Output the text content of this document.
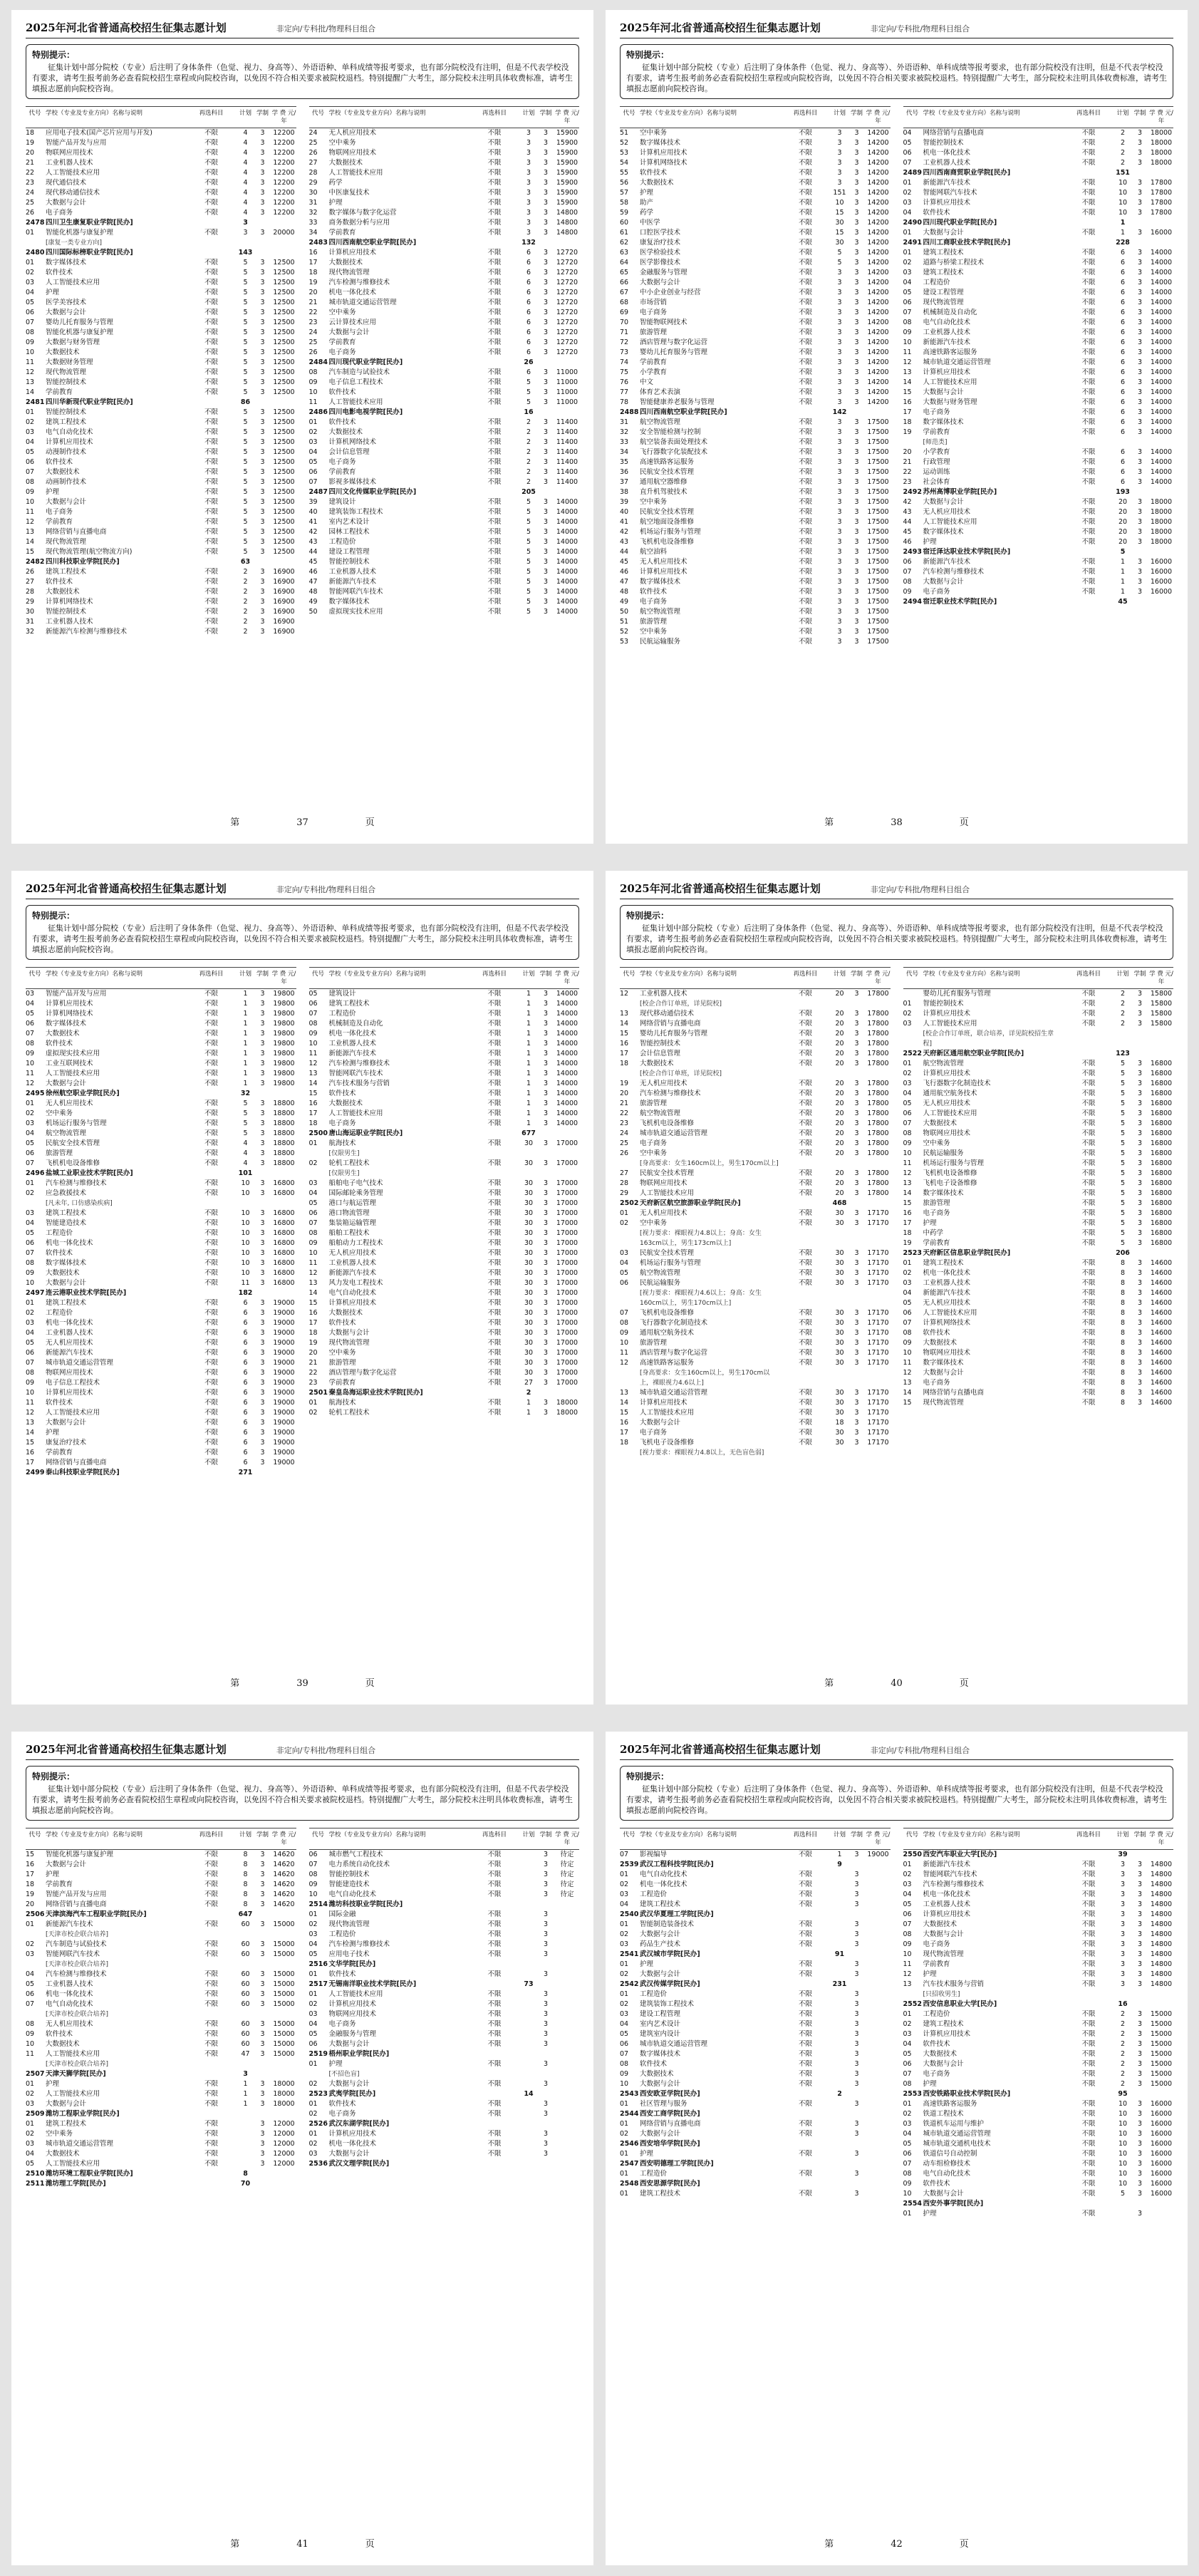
2025年河北省普通高校招生征集志愿计划	非定向/专科批/物理科目组合
特别提示：
征集计划中部分院校（专业）后注明了身体条件（色觉、视力、身高等）、外语语种、单科成绩等报考要求，也有部分院校没有注明，但是不代表学校没有要求，请考生报考前务必查看院校招生章程或向院校咨询，以免因不符合相关要求被院校退档。特别提醒广大考生，部分院校未注明具体收费标准，请考生填报志愿前向院校咨询。
代号 学校（专业及专业方向）名称与说明	再选科目	计划 学制 学 费 元/年
18	应用电子技术(国产芯片应用与开发)	不限	4	3	12200
19	智能产品开发与应用	不限	4	3	12200
20	物联网应用技术	不限	4	3	12200
21	工业机器人技术	不限	4	3	12200
22	人工智能技术应用	不限	4	3	12200
23	现代通信技术	不限	4	3	12200
24	现代移动通信技术	不限	4	3	12200
25	大数据与会计	不限	4	3	12200
26	电子商务	不限	4	3	12200
2478 四川卫生康复职业学院[民办]	3
01	智能化机器与康复护理	不限	3	3	20000
[康复一类专业方向]
2480 四川国际标榜职业学院[民办]	143
01	数字媒体技术	不限	5	3	12500
02	软件技术	不限	5	3	12500
03	人工智能技术应用	不限	5	3	12500
04	护理	不限	5	3	12500
05	医学美容技术	不限	5	3	12500
06	大数据与会计	不限	5	3	12500
07	婴幼儿托育服务与管理	不限	5	3	12500
08	智能化机器与康复护理	不限	5	3	12500
09	大数据与财务管理	不限	5	3	12500
10	大数据技术	不限	5	3	12500
11	大数据财务管理	不限	5	3	12500
12	现代物流管理	不限	5	3	12500
13	智能控制技术	不限	5	3	12500
14	学前教育	不限	5	3	12500
2481 四川华新现代职业学院[民办]	86
01	智能控制技术	不限	5	3	12500
02	建筑工程技术	不限	5	3	12500
03	电气自动化技术	不限	5	3	12500
04	计算机应用技术	不限	5	3	12500
05	动漫制作技术	不限	5	3	12500
06	软件技术	不限	5	3	12500
07	大数据技术	不限	5	3	12500
08	动画制作技术	不限	5	3	12500
09	护理	不限	5	3	12500
10	大数据与会计	不限	5	3	12500
11	电子商务	不限	5	3	12500
12	学前教育	不限	5	3	12500
13	网络营销与直播电商	不限	5	3	12500
14	现代物流管理	不限	5	3	12500
15	现代物流管理(航空物流方向)	不限	5	3	12500
2482 四川科技职业学院[民办]	63
26	建筑工程技术	不限	2	3	16900
27	软件技术	不限	2	3	16900
28	大数据技术	不限	2	3	16900
29	计算机网络技术	不限	2	3	16900
30	智能控制技术	不限	2	3	16900
31	工业机器人技术	不限	2	3	16900
32	新能源汽车检测与维修技术	不限	2	3	16900
代号 学校（专业及专业方向）名称与说明	再选科目	计划 学制 学 费 元/年
24	无人机应用技术	不限	3	3	15900
25	空中乘务	不限	3	3	15900
26	物联网应用技术	不限	3	3	15900
27	大数据技术	不限	3	3	15900
28	人工智能技术应用	不限	3	3	15900
29	药学	不限	3	3	15900
30	中医康复技术	不限	3	3	15900
31	护理	不限	3	3	15900
32	数字媒体与数字化运营	不限	3	3	14800
33	商务数据分析与应用	不限	3	3	14800
34	学前教育	不限	3	3	14800
2483 四川西南航空职业学院[民办]	132
16	计算机应用技术	不限	6	3	12720
17	大数据技术	不限	6	3	12720
18	现代物流管理	不限	6	3	12720
19	汽车检测与维修技术	不限	6	3	12720
20	机电一体化技术	不限	6	3	12720
21	城市轨道交通运营管理	不限	6	3	12720
22	空中乘务	不限	6	3	12720
23	云计算技术应用	不限	6	3	12720
24	大数据与会计	不限	6	3	12720
25	学前教育	不限	6	3	12720
26	电子商务	不限	6	3	12720
2484 四川现代职业学院[民办]	26
08	汽车制造与试验技术	不限	6	3	11000
09	电子信息工程技术	不限	5	3	11000
10	软件技术	不限	5	3	11000
11	人工智能技术应用	不限	5	3	11000
2486 四川电影电视学院[民办]	16
01	软件技术	不限	2	3	11400
02	大数据技术	不限	2	3	11400
03	计算机网络技术	不限	2	3	11400
04	会计信息管理	不限	2	3	11400
05	电子商务	不限	2	3	11400
06	学前教育	不限	2	3	11400
07	影视多媒体技术	不限	2	3	11400
2487 四川文化传媒职业学院[民办]	205
39	建筑设计	不限	5	3	14000
40	建筑装饰工程技术	不限	5	3	14000
41	室内艺术设计	不限	5	3	14000
42	园林工程技术	不限	5	3	14000
43	工程造价	不限	5	3	14000
44	建设工程管理	不限	5	3	14000
45	智能控制技术	不限	5	3	14000
46	工业机器人技术	不限	5	3	14000
47	新能源汽车技术	不限	5	3	14000
48	智能网联汽车技术	不限	5	3	14000
49	数字媒体技术	不限	5	3	14000
50	虚拟现实技术应用	不限	5	3	14000
第	37	页
2025年河北省普通高校招生征集志愿计划	非定向/专科批/物理科目组合
特别提示：
征集计划中部分院校（专业）后注明了身体条件（色觉、视力、身高等）、外语语种、单科成绩等报考要求，也有部分院校没有注明，但是不代表学校没有要求，请考生报考前务必查看院校招生章程或向院校咨询，以免因不符合相关要求被院校退档。特别提醒广大考生，部分院校未注明具体收费标准，请考生填报志愿前向院校咨询。
代号 学校（专业及专业方向）名称与说明	再选科目	计划 学制 学 费 元/年
51	空中乘务	不限	3	3	14200
52	数字媒体技术	不限	3	3	14200
53	计算机应用技术	不限	3	3	14200
54	计算机网络技术	不限	3	3	14200
55	软件技术	不限	3	3	14200
56	大数据技术	不限	3	3	14200
57	护理	不限	151	3	14200
58	助产	不限	10	3	14200
59	药学	不限	15	3	14200
60	中医学	不限	30	3	14200
61	口腔医学技术	不限	15	3	14200
62	康复治疗技术	不限	30	3	14200
63	医学检验技术	不限	5	3	14200
64	医学影像技术	不限	5	3	14200
65	金融服务与管理	不限	3	3	14200
66	大数据与会计	不限	3	3	14200
67	中小企业创业与经营	不限	3	3	14200
68	市场营销	不限	3	3	14200
69	电子商务	不限	3	3	14200
70	智能物联网技术	不限	3	3	14200
71	旅游管理	不限	3	3	14200
72	酒店管理与数字化运营	不限	3	3	14200
73	婴幼儿托育服务与管理	不限	3	3	14200
74	学前教育	不限	3	3	14200
75	小学教育	不限	3	3	14200
76	中文	不限	3	3	14200
77	体育艺术表演	不限	3	3	14200
78	智能健康养老服务与管理	不限	3	3	14200
2488 四川西南航空职业学院[民办]	142
31	航空物流管理	不限	3	3	17500
32	安全智能检测与控制	不限	3	3	17500
33	航空装备表面处理技术	不限	3	3	17500
34	飞行器数字化装配技术	不限	3	3	17500
35	高速铁路客运服务	不限	3	3	17500
36	民航安全技术管理	不限	3	3	17500
37	通用航空器维修	不限	3	3	17500
38	直升机驾驶技术	不限	3	3	17500
39	空中乘务	不限	3	3	17500
40	民航安全技术管理	不限	3	3	17500
41	航空地面设备维修	不限	3	3	17500
42	机场运行服务与管理	不限	3	3	17500
43	飞机机电设备维修	不限	3	3	17500
44	航空油料	不限	3	3	17500
45	无人机应用技术	不限	3	3	17500
46	计算机应用技术	不限	3	3	17500
47	数字媒体技术	不限	3	3	17500
48	软件技术	不限	3	3	17500
49	电子商务	不限	3	3	17500
50	航空物流管理	不限	3	3	17500
51	旅游管理	不限	3	3	17500
52	空中乘务	不限	3	3	17500
53	民航运输服务	不限	3	3	17500
代号 学校（专业及专业方向）名称与说明	再选科目	计划 学制 学 费 元/年
04	网络营销与直播电商	不限	2	3	18000
05	智能控制技术	不限	2	3	18000
06	机电一体化技术	不限	2	3	18000
07	工业机器人技术	不限	2	3	18000
2489 四川西南商贸职业学院[民办]	151
01	新能源汽车技术	不限	10	3	17800
02	智能网联汽车技术	不限	10	3	17800
03	计算机应用技术	不限	10	3	17800
04	软件技术	不限	10	3	17800
2490 四川现代职业学院[民办]	1
01	大数据与会计	不限	1	3	16000
2491 四川工商职业技术学院[民办]	228
01	建筑工程技术	不限	6	3	14000
02	道路与桥梁工程技术	不限	6	3	14000
03	建筑工程技术	不限	6	3	14000
04	工程造价	不限	6	3	14000
05	建设工程管理	不限	6	3	14000
06	现代物流管理	不限	6	3	14000
07	机械制造及自动化	不限	6	3	14000
08	电气自动化技术	不限	6	3	14000
09	工业机器人技术	不限	6	3	14000
10	新能源汽车技术	不限	6	3	14000
11	高速铁路客运服务	不限	6	3	14000
12	城市轨道交通运营管理	不限	6	3	14000
13	计算机应用技术	不限	6	3	14000
14	人工智能技术应用	不限	6	3	14000
15	大数据与会计	不限	6	3	14000
16	大数据与财务管理	不限	6	3	14000
17	电子商务	不限	6	3	14000
18	数字媒体技术	不限	6	3	14000
19	学前教育	不限	6	3	14000
[师范类]
20	小学教育	不限	6	3	14000
21	行政管理	不限	6	3	14000
22	运动训练	不限	6	3	14000
23	社会体育	不限	6	3	14000
2492 苏州高博职业学院[民办]	193
42	大数据与会计	不限	20	3	18000
43	无人机应用技术	不限	20	3	18000
44	人工智能技术应用	不限	20	3	18000
45	数字媒体技术	不限	20	3	18000
46	护理	不限	20	3	18000
2493 宿迁泽达职业技术学院[民办]	5
06	新能源汽车技术	不限	1	3	16000
07	汽车检测与维修技术	不限	1	3	16000
08	大数据与会计	不限	1	3	16000
09	电子商务	不限	1	3	16000
2494 宿迁职业技术学院[民办]	45
第	38	页
2025年河北省普通高校招生征集志愿计划	非定向/专科批/物理科目组合
特别提示：
征集计划中部分院校（专业）后注明了身体条件（色觉、视力、身高等）、外语语种、单科成绩等报考要求，也有部分院校没有注明，但是不代表学校没有要求，请考生报考前务必查看院校招生章程或向院校咨询，以免因不符合相关要求被院校退档。特别提醒广大考生，部分院校未注明具体收费标准，请考生填报志愿前向院校咨询。
代号 学校（专业及专业方向）名称与说明	再选科目	计划 学制 学 费 元/年
03	智能产品开发与应用	不限	1	3	19800
04	计算机应用技术	不限	1	3	19800
05	计算机网络技术	不限	1	3	19800
06	数字媒体技术	不限	1	3	19800
07	大数据技术	不限	1	3	19800
08	软件技术	不限	1	3	19800
09	虚拟现实技术应用	不限	1	3	19800
10	工业互联网技术	不限	1	3	19800
11	人工智能技术应用	不限	1	3	19800
12	大数据与会计	不限	1	3	19800
2495 徐州航空职业学院[民办]	32
01	无人机应用技术	不限	5	3	18800
02	空中乘务	不限	5	3	18800
03	机场运行服务与管理	不限	5	3	18800
04	航空物流管理	不限	5	3	18800
05	民航安全技术管理	不限	4	3	18800
06	旅游管理	不限	4	3	18800
07	飞机机电设备维修	不限	4	3	18800
2496 盐城工业职业技术学院[民办]	101
01	汽车检测与维修技术	不限	10	3	16800
02	应急救援技术	不限	10	3	16800
[凡未年, 口仿感染疾病]
03	建筑工程技术	不限	10	3	16800
04	智能建造技术	不限	10	3	16800
05	工程造价	不限	10	3	16800
06	机电一体化技术	不限	10	3	16800
07	软件技术	不限	10	3	16800
08	数字媒体技术	不限	10	3	16800
09	大数据技术	不限	10	3	16800
10	大数据与会计	不限	11	3	16800
2497 连云港职业技术学院[民办]	182
01	建筑工程技术	不限	6	3	19000
02	工程造价	不限	6	3	19000
03	机电一体化技术	不限	6	3	19000
04	工业机器人技术	不限	6	3	19000
05	无人机应用技术	不限	6	3	19000
06	新能源汽车技术	不限	6	3	19000
07	城市轨道交通运营管理	不限	6	3	19000
08	物联网应用技术	不限	6	3	19000
09	电子信息工程技术	不限	6	3	19000
10	计算机应用技术	不限	6	3	19000
11	软件技术	不限	6	3	19000
12	人工智能技术应用	不限	6	3	19000
13	大数据与会计	不限	6	3	19000
14	护理	不限	6	3	19000
15	康复治疗技术	不限	6	3	19000
16	学前教育	不限	6	3	19000
17	网络营销与直播电商	不限	6	3	19000
2499 泰山科技职业学院[民办]	271
代号 学校（专业及专业方向）名称与说明	再选科目	计划 学制 学 费 元/年
05	建筑设计	不限	1	3	14000
06	建筑工程技术	不限	1	3	14000
07	工程造价	不限	1	3	14000
08	机械制造及自动化	不限	1	3	14000
09	机电一体化技术	不限	1	3	14000
10	工业机器人技术	不限	1	3	14000
11	新能源汽车技术	不限	1	3	14000
12	汽车检测与维修技术	不限	1	3	14000
13	智能网联汽车技术	不限	1	3	14000
14	汽车技术服务与营销	不限	1	3	14000
15	软件技术	不限	1	3	14000
16	大数据技术	不限	1	3	14000
17	人工智能技术应用	不限	1	3	14000
18	电子商务	不限	1	3	14000
2500 唐山海运职业学院[民办]	677
01	航海技术	不限	30	3	17000
[仅限男生]
02	轮机工程技术	不限	30	3	17000
[仅限男生]
03	船舶电子电气技术	不限	30	3	17000
04	国际邮轮乘务管理	不限	30	3	17000
05	港口与航运管理	不限	30	3	17000
06	港口物流管理	不限	30	3	17000
07	集装箱运输管理	不限	30	3	17000
08	船舶工程技术	不限	30	3	17000
09	船舶动力工程技术	不限	30	3	17000
10	无人机应用技术	不限	30	3	17000
11	工业机器人技术	不限	30	3	17000
12	新能源汽车技术	不限	30	3	17000
13	风力发电工程技术	不限	30	3	17000
14	电气自动化技术	不限	30	3	17000
15	计算机应用技术	不限	30	3	17000
16	大数据技术	不限	30	3	17000
17	软件技术	不限	30	3	17000
18	大数据与会计	不限	30	3	17000
19	现代物流管理	不限	30	3	17000
20	空中乘务	不限	30	3	17000
21	旅游管理	不限	30	3	17000
22	酒店管理与数字化运营	不限	30	3	17000
23	学前教育	不限	27	3	17000
2501 秦皇岛海运职业技术学院[民办]	2
01	航海技术	不限	1	3	18000
02	轮机工程技术	不限	1	3	18000
第	39	页
2025年河北省普通高校招生征集志愿计划	非定向/专科批/物理科目组合
特别提示：
征集计划中部分院校（专业）后注明了身体条件（色觉、视力、身高等）、外语语种、单科成绩等报考要求，也有部分院校没有注明，但是不代表学校没有要求，请考生报考前务必查看院校招生章程或向院校咨询，以免因不符合相关要求被院校退档。特别提醒广大考生，部分院校未注明具体收费标准，请考生填报志愿前向院校咨询。
代号 学校（专业及专业方向）名称与说明	再选科目	计划 学制 学 费 元/年
12	工业机器人技术	不限	20	3	17800
[校企合作订单班，详见院校]
13	现代移动通信技术	不限	20	3	17800
14	网络营销与直播电商	不限	20	3	17800
15	婴幼儿托育服务与管理	不限	20	3	17800
16	智能控制技术	不限	20	3	17800
17	会计信息管理	不限	20	3	17800
18	大数据技术	不限	20	3	17800
[校企合作订单班，详见院校]
19	无人机应用技术	不限	20	3	17800
20	汽车检测与维修技术	不限	20	3	17800
21	旅游管理	不限	20	3	17800
22	航空物流管理	不限	20	3	17800
23	飞机机电设备维修	不限	20	3	17800
24	城市轨道交通运营管理	不限	20	3	17800
25	电子商务	不限	20	3	17800
26	空中乘务	不限	20	3	17800
[身高要求：女生160cm以上，男生170cm以上]
27	民航安全技术管理	不限	20	3	17800
28	物联网应用技术	不限	20	3	17800
29	人工智能技术应用	不限	20	3	17800
2502 天府新区航空旅游职业学院[民办]	468
01	无人机应用技术	不限	30	3	17170
02	空中乘务	不限	30	3	17170
[视力要求：裸眼视力4.8以上；身高：女生163cm以上，男生173cm以上]
03	民航安全技术管理	不限	30	3	17170
04	机场运行服务与管理	不限	30	3	17170
05	航空物流管理	不限	30	3	17170
06	民航运输服务	不限	30	3	17170
[视力要求：裸眼视力4.6以上；身高：女生160cm以上，男生170cm以上]
07	飞机机电设备维修	不限	30	3	17170
08	飞行器数字化制造技术	不限	30	3	17170
09	通用航空航务技术	不限	30	3	17170
10	旅游管理	不限	30	3	17170
11	酒店管理与数字化运营	不限	30	3	17170
12	高速铁路客运服务	不限	30	3	17170
[身高要求：女生160cm以上，男生170cm以上，裸眼视力4.6以上]
13	城市轨道交通运营管理	不限	30	3	17170
14	计算机应用技术	不限	30	3	17170
15	人工智能技术应用	不限	30	3	17170
16	大数据与会计	不限	18	3	17170
17	电子商务	不限	30	3	17170
18	飞机电子设备维修	不限	30	3	17170
[视力要求：裸眼视力4.8以上，无色盲色弱]
代号 学校（专业及专业方向）名称与说明	再选科目	计划 学制 学 费 元/年
婴幼儿托育服务与管理	不限	2	3	15800
01	智能控制技术	不限	2	3	15800
02	计算机应用技术	不限	2	3	15800
03	人工智能技术应用	不限	2	3	15800
[校企合作订单班，联合培养，详见院校招生章程]
2522 天府新区通用航空职业学院[民办]	123
01	航空物流管理	不限	5	3	16800
02	计算机应用技术	不限	5	3	16800
03	飞行器数字化制造技术	不限	5	3	16800
04	通用航空航务技术	不限	5	3	16800
05	无人机应用技术	不限	5	3	16800
06	人工智能技术应用	不限	5	3	16800
07	大数据技术	不限	5	3	16800
08	物联网应用技术	不限	5	3	16800
09	空中乘务	不限	5	3	16800
10	民航运输服务	不限	5	3	16800
11	机场运行服务与管理	不限	5	3	16800
12	飞机机电设备维修	不限	5	3	16800
13	飞机电子设备维修	不限	5	3	16800
14	数字媒体技术	不限	5	3	16800
15	旅游管理	不限	5	3	16800
16	电子商务	不限	5	3	16800
17	护理	不限	5	3	16800
18	中药学	不限	5	3	16800
19	学前教育	不限	5	3	16800
2523 天府新区信息职业学院[民办]	206
01	建筑工程技术	不限	8	3	14600
02	机电一体化技术	不限	8	3	14600
03	工业机器人技术	不限	8	3	14600
04	新能源汽车技术	不限	8	3	14600
05	无人机应用技术	不限	8	3	14600
06	人工智能技术应用	不限	8	3	14600
07	计算机网络技术	不限	8	3	14600
08	软件技术	不限	8	3	14600
09	大数据技术	不限	8	3	14600
10	物联网应用技术	不限	8	3	14600
11	数字媒体技术	不限	8	3	14600
12	大数据与会计	不限	8	3	14600
13	电子商务	不限	8	3	14600
14	网络营销与直播电商	不限	8	3	14600
15	现代物流管理	不限	8	3	14600
第	40	页
2025年河北省普通高校招生征集志愿计划	非定向/专科批/物理科目组合
特别提示：
征集计划中部分院校（专业）后注明了身体条件（色觉、视力、身高等）、外语语种、单科成绩等报考要求，也有部分院校没有注明，但是不代表学校没有要求，请考生报考前务必查看院校招生章程或向院校咨询，以免因不符合相关要求被院校退档。特别提醒广大考生，部分院校未注明具体收费标准，请考生填报志愿前向院校咨询。
代号 学校（专业及专业方向）名称与说明	再选科目	计划 学制 学 费 元/年
15	智能化机器与康复护理	不限	8	3	14620
16	大数据与会计	不限	8	3	14620
17	护理	不限	8	3	14620
18	学前教育	不限	8	3	14620
19	智能产品开发与应用	不限	8	3	14620
20	网络营销与直播电商	不限	8	3	14620
2506 天津滨海汽车工程职业学院[民办]	647
01	新能源汽车技术	不限	60	3	15000
[天津市校企联合培养]
02	汽车制造与试验技术	不限	60	3	15000
03	智能网联汽车技术	不限	60	3	15000
[天津市校企联合培养]
04	汽车检测与维修技术	不限	60	3	15000
05	工业机器人技术	不限	60	3	15000
06	机电一体化技术	不限	60	3	15000
07	电气自动化技术	不限	60	3	15000
[天津市校企联合培养]
08	无人机应用技术	不限	60	3	15000
09	软件技术	不限	60	3	15000
10	大数据技术	不限	60	3	15000
11	人工智能技术应用	不限	47	3	15000
[天津市校企联合培养]
2507 天津天狮学院[民办]	3
01	护理	不限	1	3	18000
02	人工智能技术应用	不限	1	3	18000
03	大数据与会计	不限	1	3	18000
2509 潍坊工程职业学院[民办]
01	建筑工程技术	不限	3	12000
02	空中乘务	不限	3	12000
03	城市轨道交通运营管理	不限	3	12000
04	大数据技术	不限	3	12000
05	人工智能技术应用	不限	3	12000
2510 潍坊环境工程职业学院[民办]	8
2511 潍坊理工学院[民办]	70
代号 学校（专业及专业方向）名称与说明	再选科目	计划 学制 学 费 元/年
06	城市燃气工程技术	不限	3	待定
07	电力系统自动化技术	不限	3	待定
08	智能控制技术	不限	3	待定
09	智能建造技术	不限	3	待定
10	电气自动化技术	不限	3	待定
2514 潍坊科技职业学院[民办]
01	国际金融	不限	3
02	现代物流管理	不限	3
03	工程造价	不限	3
04	汽车检测与维修技术	不限	3
05	应用电子技术	不限	3
2516 文华学院[民办]
01	软件技术	不限	3
2517 无锡南洋职业技术学院[民办]	73
01	人工智能技术应用	不限	3
02	计算机应用技术	不限	3
03	物联网应用技术	不限	3
04	电子商务	不限	3
05	金融服务与管理	不限	3
06	大数据与会计	不限	3
2519 梧州职业学院[民办]
01	护理	不限	3
[不招色盲]
02	大数据与会计	不限	3
2523 武夷学院[民办]	14
01	软件技术	不限	3
02	电子商务	不限	3
2526 武汉东湖学院[民办]
01	计算机应用技术	不限	3
02	机电一体化技术	不限	3
03	大数据与会计	不限	3
2536 武汉文理学院[民办]
第	41	页
2025年河北省普通高校招生征集志愿计划	非定向/专科批/物理科目组合
特别提示：
征集计划中部分院校（专业）后注明了身体条件（色觉、视力、身高等）、外语语种、单科成绩等报考要求，也有部分院校没有注明，但是不代表学校没有要求，请考生报考前务必查看院校招生章程或向院校咨询，以免因不符合相关要求被院校退档。特别提醒广大考生，部分院校未注明具体收费标准，请考生填报志愿前向院校咨询。
代号 学校（专业及专业方向）名称与说明	再选科目	计划 学制 学 费 元/年
07	影视编导	不限	1	3	19000
2539 武汉工程科技学院[民办]	9
01	电气自动化技术	不限	3
02	机电一体化技术	不限	3
03	工程造价	不限	3
04	建筑工程技术	不限	3
2540 武汉华夏理工学院[民办]
01	智能制造装备技术	不限	3
02	大数据与会计	不限	3
03	药品生产技术	不限	3
2541 武汉城市学院[民办]	91
01	护理	不限	3
02	大数据与会计	不限	3
2542 武汉传媒学院[民办]	231
01	工程造价	不限	3
02	建筑装饰工程技术	不限	3
03	建设工程管理	不限	3
04	室内艺术设计	不限	3
05	建筑室内设计	不限	3
06	城市轨道交通运营管理	不限	3
07	数字媒体技术	不限	3
08	软件技术	不限	3
09	大数据技术	不限	3
10	大数据与会计	不限	3
2543 西安欧亚学院[民办]	2
01	社区管理与服务	不限	3
2544 西安工商学院[民办]
01	网络营销与直播电商	不限	3
02	大数据与会计	不限	3
2546 西安培华学院[民办]
01	护理	不限	3
2547 西安明德理工学院[民办]
01	工程造价	不限	3
2548 西安思源学院[民办]
01	建筑工程技术	不限	3
代号 学校（专业及专业方向）名称与说明	再选科目	计划 学制 学 费 元/年
2550 西安汽车职业大学[民办]	39
01	新能源汽车技术	不限	3	3	14800
02	智能网联汽车技术	不限	3	3	14800
03	汽车检测与维修技术	不限	3	3	14800
04	机电一体化技术	不限	3	3	14800
05	工业机器人技术	不限	3	3	14800
06	计算机应用技术	不限	3	3	14800
07	大数据技术	不限	3	3	14800
08	大数据与会计	不限	3	3	14800
09	电子商务	不限	3	3	14800
10	现代物流管理	不限	3	3	14800
11	学前教育	不限	3	3	14800
12	护理	不限	3	3	14800
13	汽车技术服务与营销	不限	3	3	14800
[只招收男生]
2552 西安信息职业大学[民办]	16
01	工程造价	不限	2	3	15000
02	建筑工程技术	不限	2	3	15000
03	计算机应用技术	不限	2	3	15000
04	软件技术	不限	2	3	15000
05	大数据技术	不限	2	3	15000
06	大数据与会计	不限	2	3	15000
07	电子商务	不限	2	3	15000
08	护理	不限	2	3	15000
2553 西安铁路职业技术学院[民办]	95
01	高速铁路客运服务	不限	10	3	16000
02	铁道工程技术	不限	10	3	16000
03	铁道机车运用与维护	不限	10	3	16000
04	城市轨道交通运营管理	不限	10	3	16000
05	城市轨道交通机电技术	不限	10	3	16000
06	铁道信号自动控制	不限	10	3	16000
07	动车组检修技术	不限	10	3	16000
08	电气自动化技术	不限	10	3	16000
09	软件技术	不限	10	3	16000
10	大数据与会计	不限	5	3	16000
2554 西安外事学院[民办]
01	护理	不限	3
第	42	页
